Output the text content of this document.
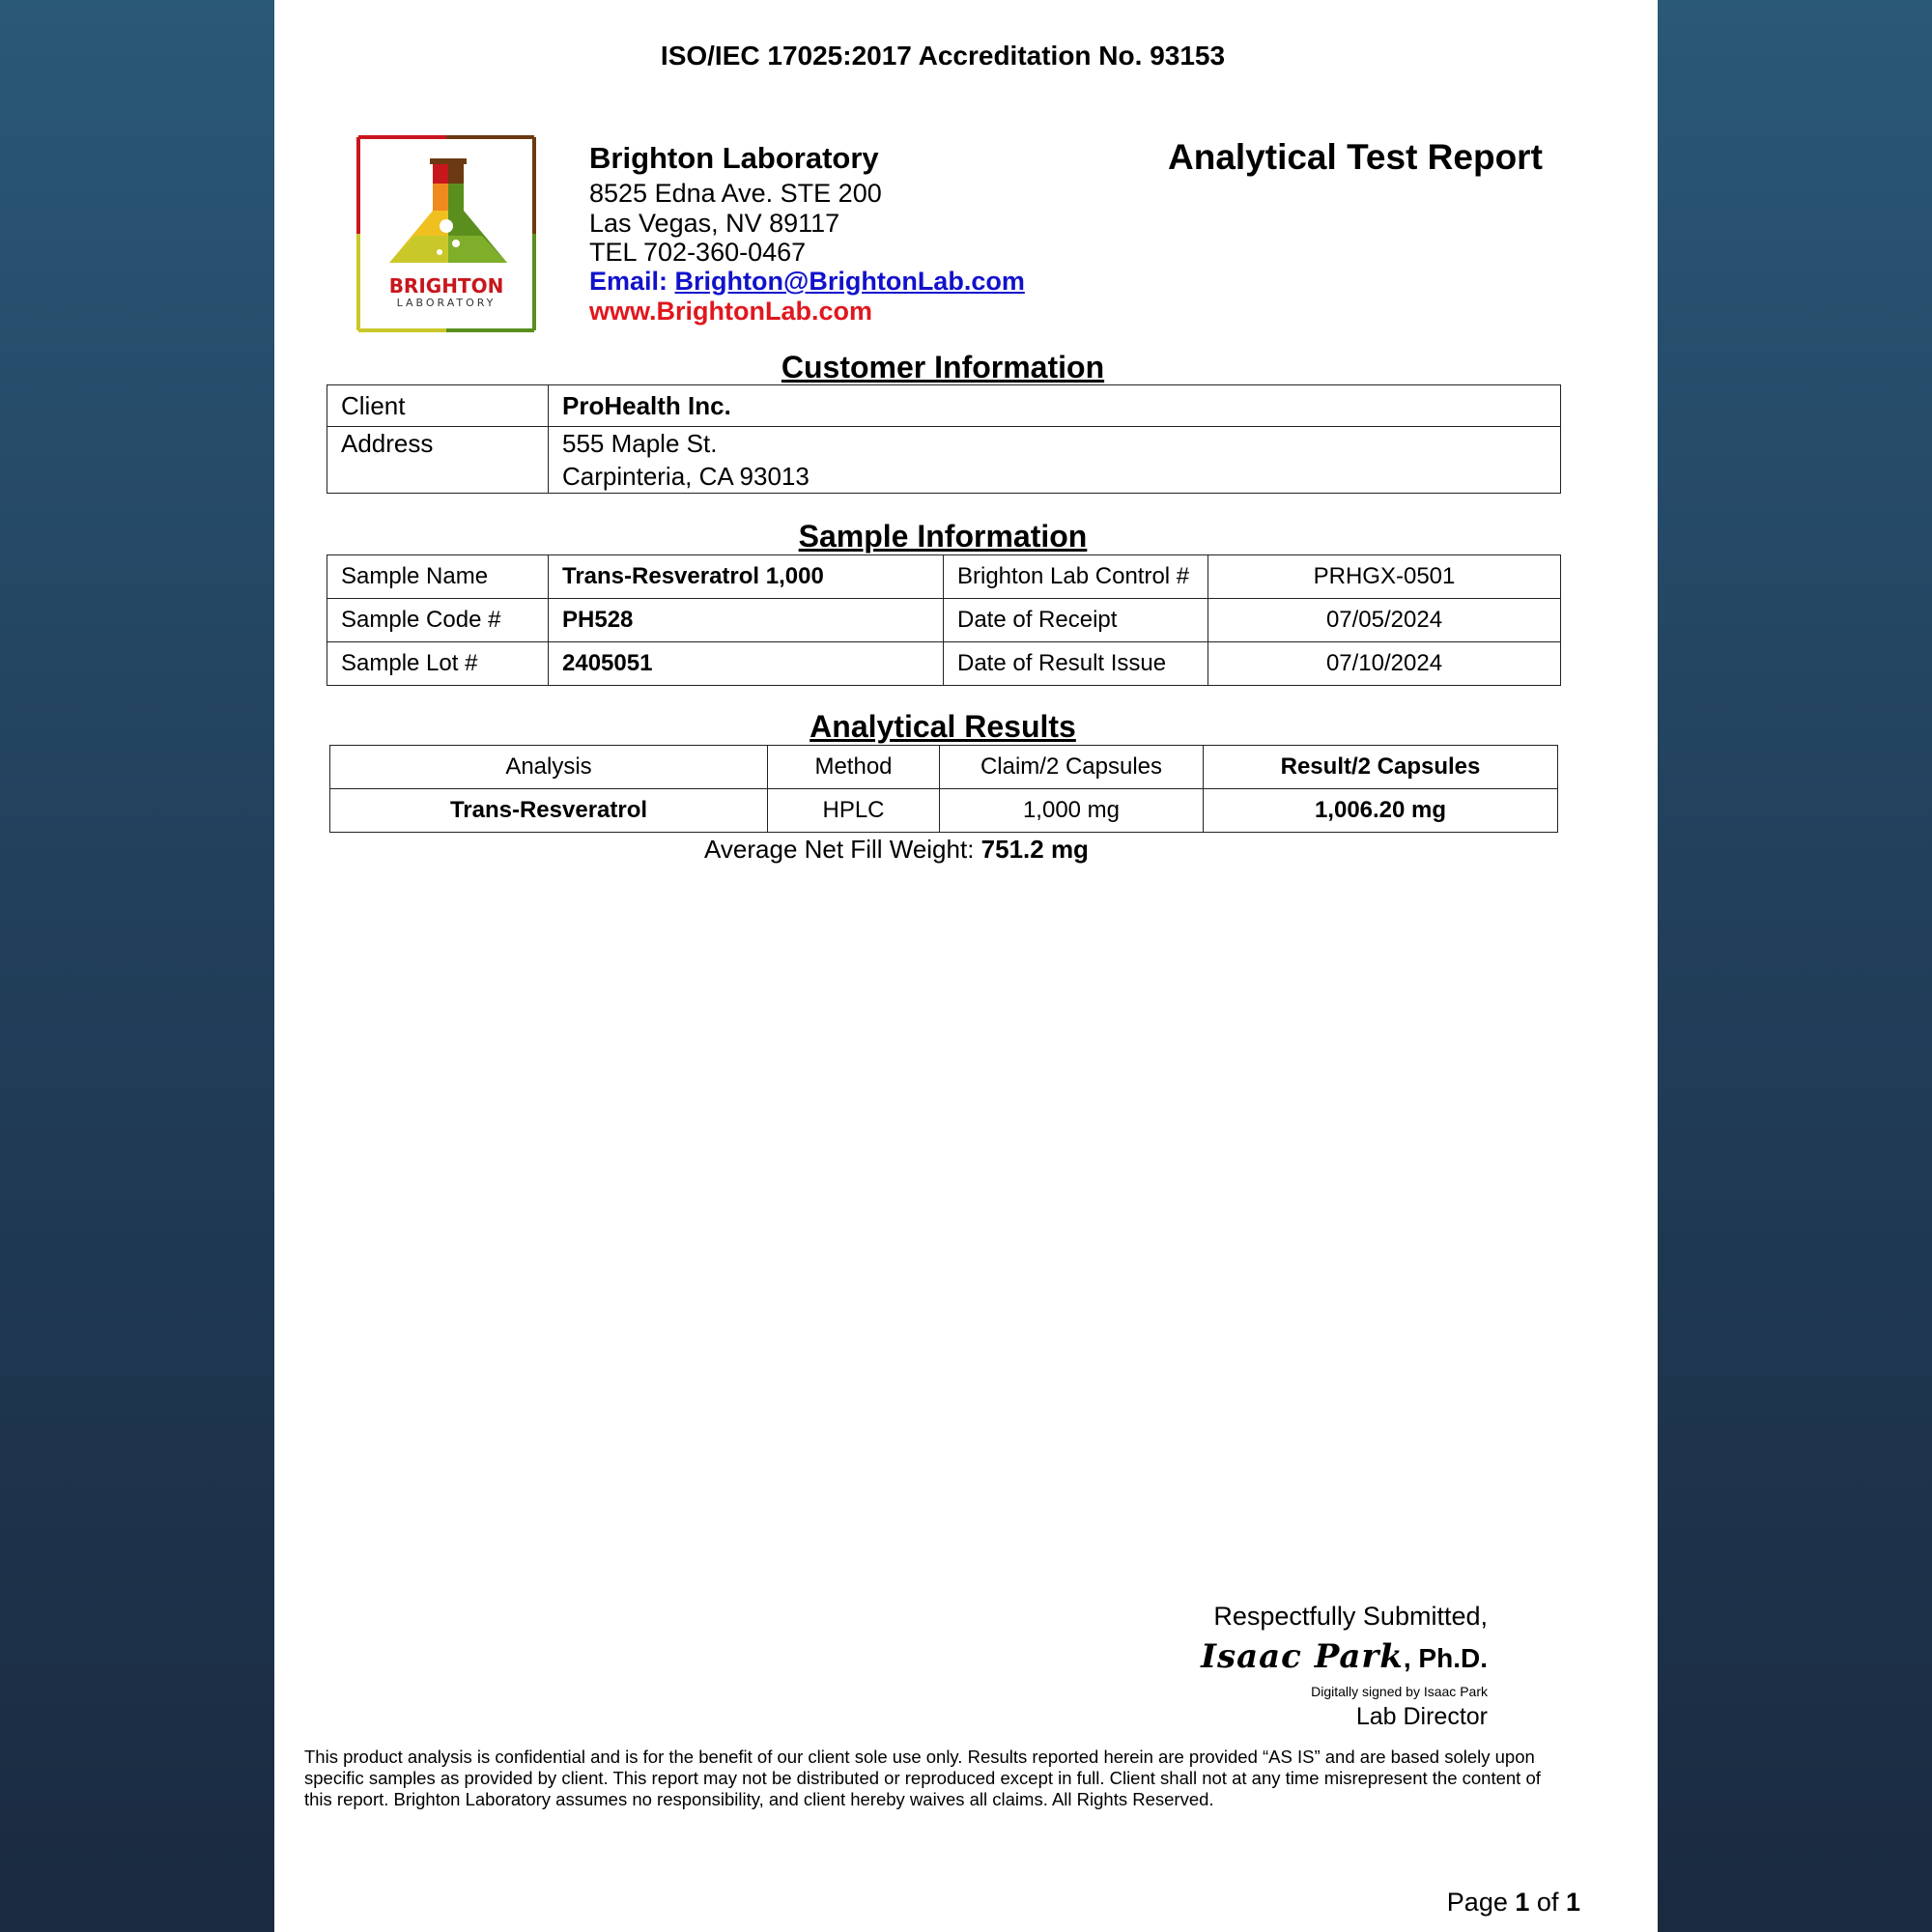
ISO/IEC 17025:2017 Accreditation No. 93153
BRIGHTON
LABORATORY
Brighton Laboratory
8525 Edna Ave. STE 200
Las Vegas, NV 89117
TEL 702-360-0467
Email: Brighton@BrightonLab.com
www.BrightonLab.com
Analytical Test Report
Customer Information
Client	ProHealth Inc.
Address	555 Maple St.
Carpinteria, CA 93013
Sample Information
Sample Name	Trans-Resveratrol 1,000	Brighton Lab Control #	PRHGX-0501
Sample Code #	PH528	Date of Receipt	07/05/2024
Sample Lot #	2405051	Date of Result Issue	07/10/2024
Analytical Results
Analysis	Method	Claim/2 Capsules	Result/2 Capsules
Trans-Resveratrol	HPLC	1,000 mg	1,006.20 mg
Average Net Fill Weight: 751.2 mg
Respectfully Submitted,
Isaac Park, Ph.D.
Digitally signed by Isaac Park
Lab Director
This product analysis is confidential and is for the benefit of our client sole use only. Results reported herein are provided “AS IS” and are based solely upon specific samples as provided by client. This report may not be distributed or reproduced except in full. Client shall not at any time misrepresent the content of this report. Brighton Laboratory assumes no responsibility, and client hereby waives all claims. All Rights Reserved.
Page 1 of 1
